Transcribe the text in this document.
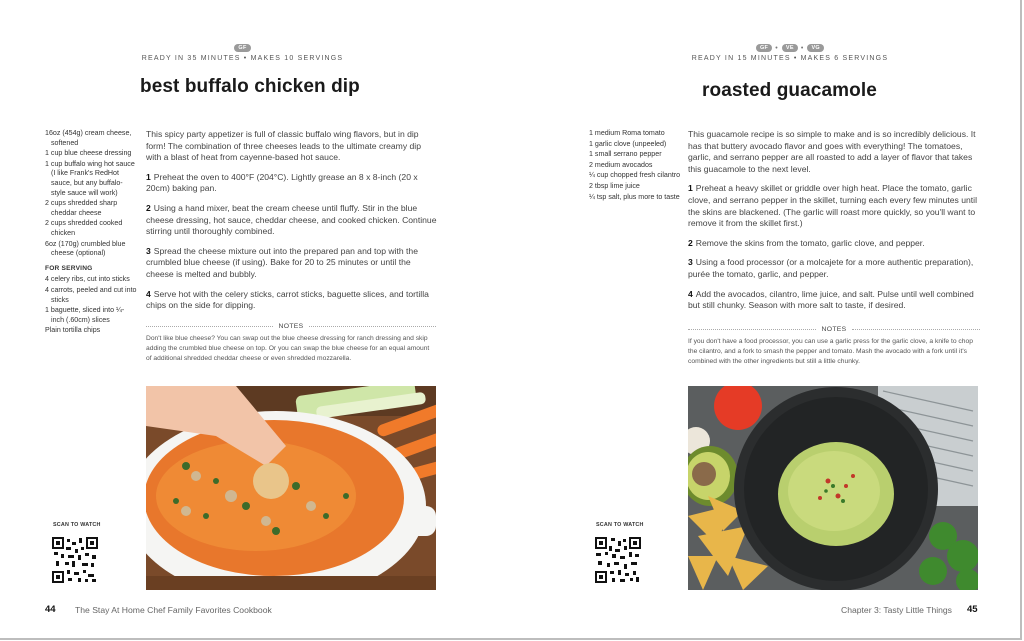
GF
READY IN 35 MINUTES • MAKES 10 SERVINGS
best buffalo chicken dip
16oz (454g) cream cheese, softened
1 cup blue cheese dressing
1 cup buffalo wing hot sauce (I like Frank's RedHot sauce, but any buffalo-style sauce will work)
2 cups shredded sharp cheddar cheese
2 cups shredded cooked chicken
6oz (170g) crumbled blue cheese (optional)
FOR SERVING
4 celery ribs, cut into sticks
4 carrots, peeled and cut into sticks
1 baguette, sliced into ¼-inch (.60cm) slices
Plain tortilla chips

This spicy party appetizer is full of classic buffalo wing flavors, but in dip form! The combination of three cheeses leads to the ultimate creamy dip with a blast of heat from cayenne-based hot sauce.

1 Preheat the oven to 400°F (204°C). Lightly grease an 8 x 8-inch (20 x 20cm) baking pan.

2 Using a hand mixer, beat the cream cheese until fluffy. Stir in the blue cheese dressing, hot sauce, cheddar cheese, and cooked chicken. Continue stirring until thoroughly combined.

3 Spread the cheese mixture out into the prepared pan and top with the crumbled blue cheese (if using). Bake for 20 to 25 minutes or until the cheese is melted and bubbly.

4 Serve hot with the celery sticks, carrot sticks, baguette slices, and tortilla chips on the side for dipping.

NOTES
Don't like blue cheese? You can swap out the blue cheese dressing for ranch dressing and skip adding the crumbled blue cheese on top. Or you can swap the blue cheese for an equal amount of additional shredded cheddar cheese or even shredded mozzarella.
SCAN TO WATCH
44 The Stay At Home Chef Family Favorites Cookbook
GF	•	VE	•	VG
READY IN 15 MINUTES • MAKES 6 SERVINGS
roasted guacamole
1 medium Roma tomato
1 garlic clove (unpeeled)
1 small serrano pepper
2 medium avocados
¼ cup chopped fresh cilantro
2 tbsp lime juice
¼ tsp salt, plus more to taste

This guacamole recipe is so simple to make and is so incredibly delicious. It has that buttery avocado flavor and goes with everything! The tomatoes, garlic, and serrano pepper are all roasted to add a layer of flavor that takes this guacamole to the next level.

1 Preheat a heavy skillet or griddle over high heat. Place the tomato, garlic clove, and serrano pepper in the skillet, turning each every few minutes until the skins are blackened. (The garlic will roast more quickly, so you'll want to remove it from the skillet first.)

2 Remove the skins from the tomato, garlic clove, and pepper.

3 Using a food processor (or a molcajete for a more authentic preparation), purée the tomato, garlic, and pepper.

4 Add the avocados, cilantro, lime juice, and salt. Pulse until well combined but still chunky. Season with more salt to taste, if desired.

NOTES
If you don't have a food processor, you can use a garlic press for the garlic clove, a knife to chop the cilantro, and a fork to smash the pepper and tomato. Mash the avocado with a fork until it's combined with the other ingredients but still a little chunky.
SCAN TO WATCH
Chapter 3: Tasty Little Things 45
